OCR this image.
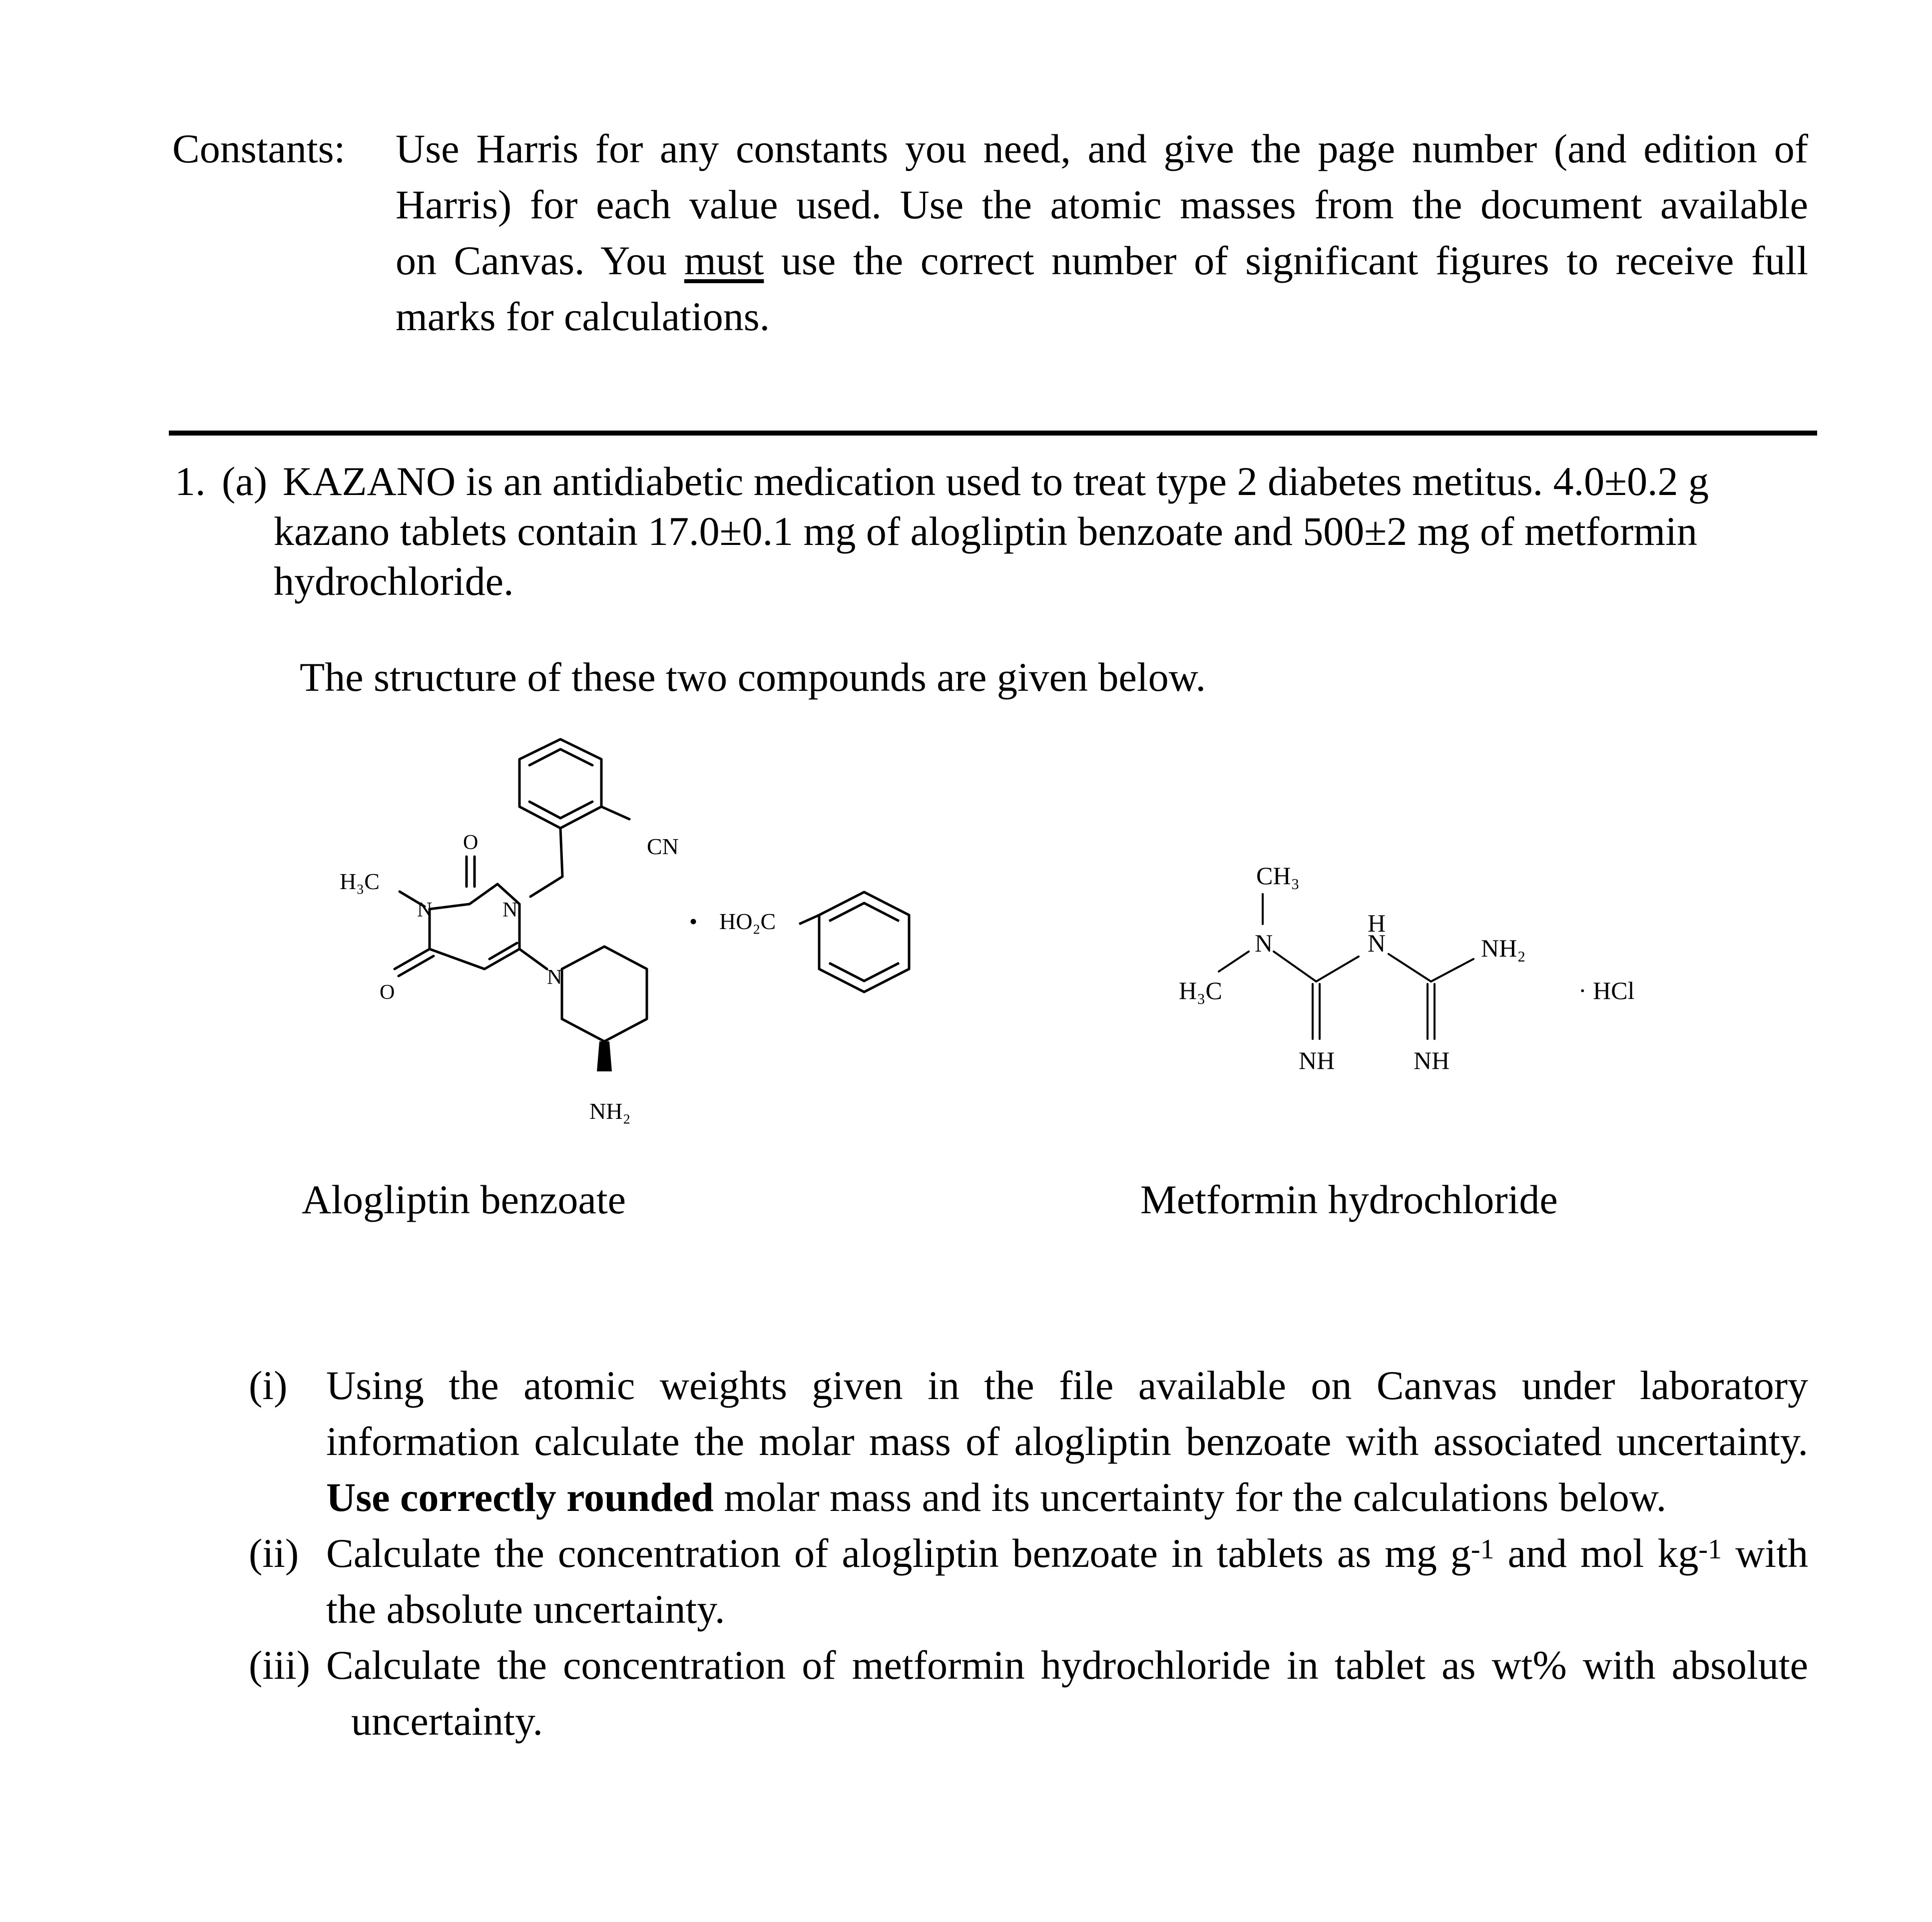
Constants: Use Harris for any constants you need, and give the page number (and edition of
Harris) for each value used. Use the atomic masses from the document available
on Canvas. You must use the correct number of significant figures to receive full
marks for calculations.
1. (a) KAZANO is an antidiabetic medication used to treat type 2 diabetes metitus. 4.0±0.2 g
kazano tablets contain 17.0±0.1 mg of alogliptin benzoate and 500±2 mg of metformin
hydrochloride.
The structure of these two compounds are given below.
CN
O
O
H₃C
N	N
N
NH₂
• HO₂C
Alogliptin benzoate
CH₃
H₃C
N
H
N	NH₂
NH	NH
· HCl
Metformin hydrochloride
(i) Using the atomic weights given in the file available on Canvas under laboratory
information calculate the molar mass of alogliptin benzoate with associated uncertainty.
Use correctly rounded molar mass and its uncertainty for the calculations below.
(ii) Calculate the concentration of alogliptin benzoate in tablets as mg $g^{-1}$ and mol $kg^{-1}$ with
the absolute uncertainty.
(iii) Calculate the concentration of metformin hydrochloride in tablet as wt% with absolute
uncertainty.
